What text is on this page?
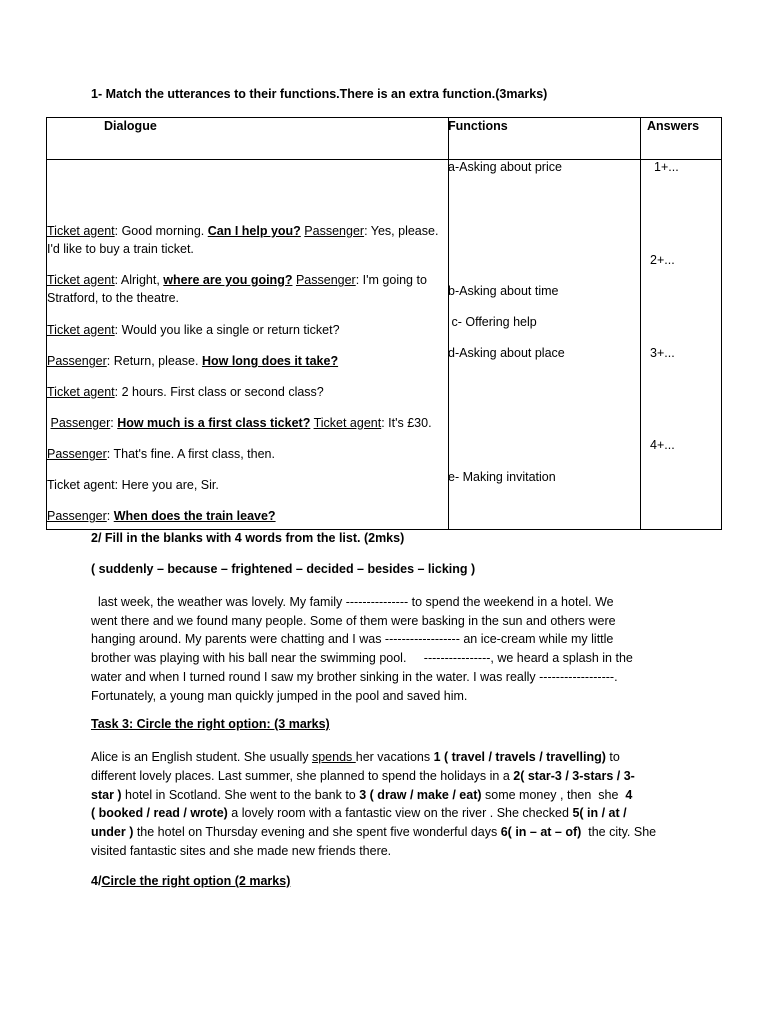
1- Match the utterances to their functions.There is an extra function.(3marks)
Dialogue	Functions	Answers
Ticket agent: Good morning. Can I help you? Passenger: Yes, please.
I'd like to buy a train ticket.
Ticket agent: Alright, where are you going? Passenger: I'm going to
Stratford, to the theatre.
Ticket agent: Would you like a single or return ticket?
Passenger: Return, please. How long does it take?
Ticket agent: 2 hours. First class or second class?
Passenger: How much is a first class ticket? Ticket agent: It's £30.
Passenger: That's fine. A first class, then.
Ticket agent: Here you are, Sir.
Passenger: When does the train leave?
a-Asking about price
b-Asking about time
c- Offering help
d-Asking about place
e- Making invitation
1+...
2+...
3+...
4+...
2/ Fill in the blanks with 4 words from the list. (2mks)
( suddenly – because – frightened – decided – besides – licking )
last week, the weather was lovely. My family --------------- to spend the weekend in a hotel. We
went there and we found many people. Some of them were basking in the sun and others were
hanging around. My parents were chatting and I was ------------------ an ice-cream while my little
brother was playing with his ball near the swimming pool.     ----------------, we heard a splash in the
water and when I turned round I saw my brother sinking in the water. I was really ------------------.
Fortunately, a young man quickly jumped in the pool and saved him.
Task 3: Circle the right option: (3 marks)
Alice is an English student. She usually spends her vacations 1 ( travel / travels / travelling) to
different lovely places. Last summer, she planned to spend the holidays in a 2( star-3 / 3-stars / 3-
star ) hotel in Scotland. She went to the bank to 3 ( draw / make / eat) some money , then  she  4
( booked / read / wrote) a lovely room with a fantastic view on the river . She checked 5( in / at /
under ) the hotel on Thursday evening and she spent five wonderful days 6( in – at – of)  the city. She
visited fantastic sites and she made new friends there.
4/Circle the right option (2 marks)
